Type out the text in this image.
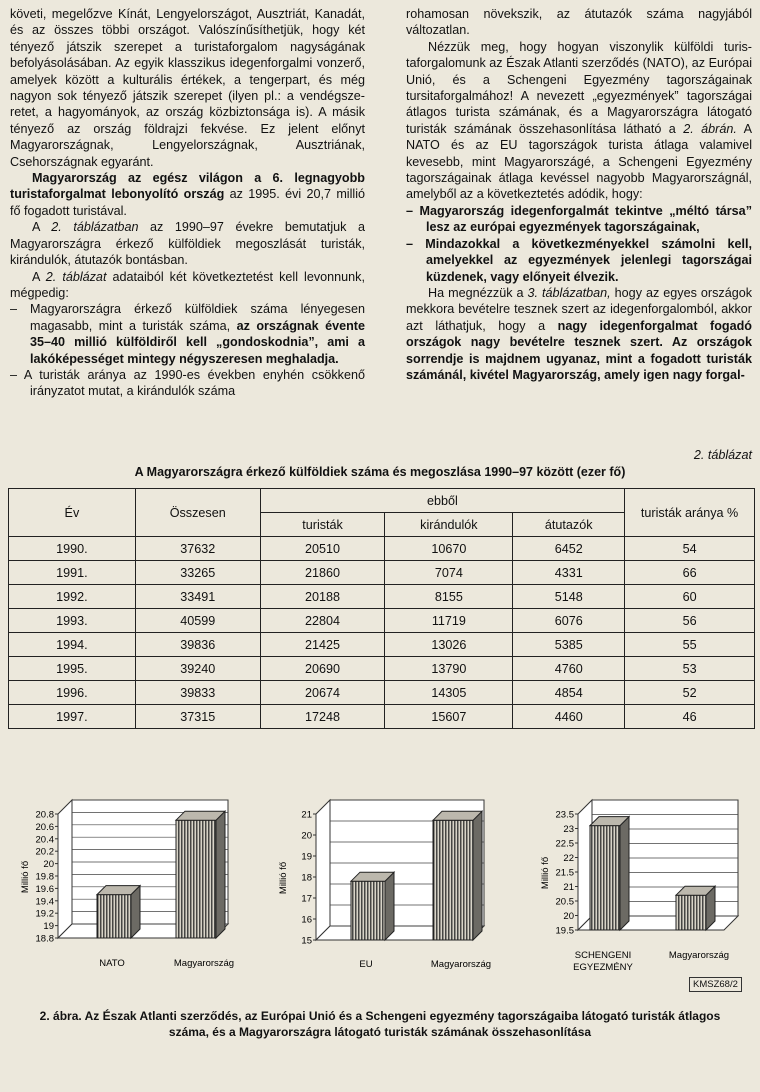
követi, megelőzve Kínát, Lengyelországot, Ausztriát, Kanadát, és az összes többi országot. Valószínűsíthetjük, hogy két tényező játszik szerepet a turistaforgalom nagyságának befolyásolásában. Az egyik klasszikus idegenforgalmi vonzerő, amelyek között a kulturális értékek, a tengerpart, és még nagyon sok tényező játszik szerepet (ilyen pl.: a vendégszeretet, a hagyományok, az ország közbiztonsága is). A másik tényező az ország földrajzi fekvése. Ez jelent előnyt Magyarországnak, Lengyelországnak, Ausztriának, Csehországnak egyaránt.

Magyarország az egész világon a 6. legnagyobb turistaforgalmat lebonyolító ország az 1995. évi 20,7 millió fő fogadott turistával.

A 2. táblázatban az 1990–97 évekre bemutatjuk a Magyarországra érkező külföldiek megoszlását turisták, kirándulók, átutazók bontásban.

A 2. táblázat adataiból két következtetést kell levonnunk, mégpedig:

– Magyarországra érkező külföldiek száma lényegesen magasabb, mint a turisták száma, az országnak évente 35–40 millió külföldiről kell „gondoskodnia”, ami a lakóképességet mintegy négyszeresen meghaladja.

– A turisták aránya az 1990-es években enyhén csökkenő irányzatot mutat, a kirándulók száma

rohamosan növekszik, az átutazók száma nagyjából változatlan.

Nézzük meg, hogy hogyan viszonylik külföldi turistaforgalomunk az Észak Atlanti szerződés (NATO), az Európai Unió, és a Schengeni Egyezmény tagországainak tursitaforgalmához! A nevezett „egyezmények” tagországai átlagos turista számának, és a Magyarországra látogató turisták számának összehasonlítása látható a 2. ábrán. A NATO és az EU tagországok turista átlaga valamivel kevesebb, mint Magyarországé, a Schengeni Egyezmény tagországainak átlaga kevéssel nagyobb Magyarországnál, amelyből az a következtetés adódik, hogy:

– Magyarország idegenforgalmát tekintve „méltó társa” lesz az európai egyezmények tagországainak,

– Mindazokkal a következményekkel számolni kell, amelyekkel az egyezmények jelenlegi tagországai küzdenek, vagy előnyeit élvezik.

Ha megnézzük a 3. táblázatban, hogy az egyes országok mekkora bevételre tesznek szert az idegenforgalomból, akkor azt láthatjuk, hogy a nagy idegenforgalmat fogadó országok nagy bevételre tesznek szert. Az országok sorrendje is majdnem ugyanaz, mint a fogadott turisták számánál, kivétel Magyarország, amely igen nagy forgal-

2. táblázat
A Magyarországra érkező külföldiek száma és megoszlása 1990–97 között (ezer fő)
Év	Összesen	ebből			turisták aránya %
		turisták	kirándulók	átutazók	
1990.	37632	20510	10670	6452	54
1991.	33265	21860	7074	4331	66
1992.	33491	20188	8155	5148	60
1993.	40599	22804	11719	6076	56
1994.	39836	21425	13026	5385	55
1995.	39240	20690	13790	4760	53
1996.	39833	20674	14305	4854	52
1997.	37315	17248	15607	4460	46
18.8
19
19.2
19.4
19.6
19.8
20
20.2
20.4
20.6
20.8
Millió fő
NATO	Magyarország
15
16
17
18
19
20
21
Millió fő
EU	Magyarország
19.5
20
20.5
21
21.5
22
22.5
23
23.5
Millió fő
SCHENGENI EGYEZMÉNY
Magyarország
KMSZ68/2
2. ábra. Az Észak Atlanti szerződés, az Európai Unió és a Schengeni egyezmény tagországaiba látogató turisták átlagos száma, és a Magyarországra látogató turisták számának összehasonlítása
